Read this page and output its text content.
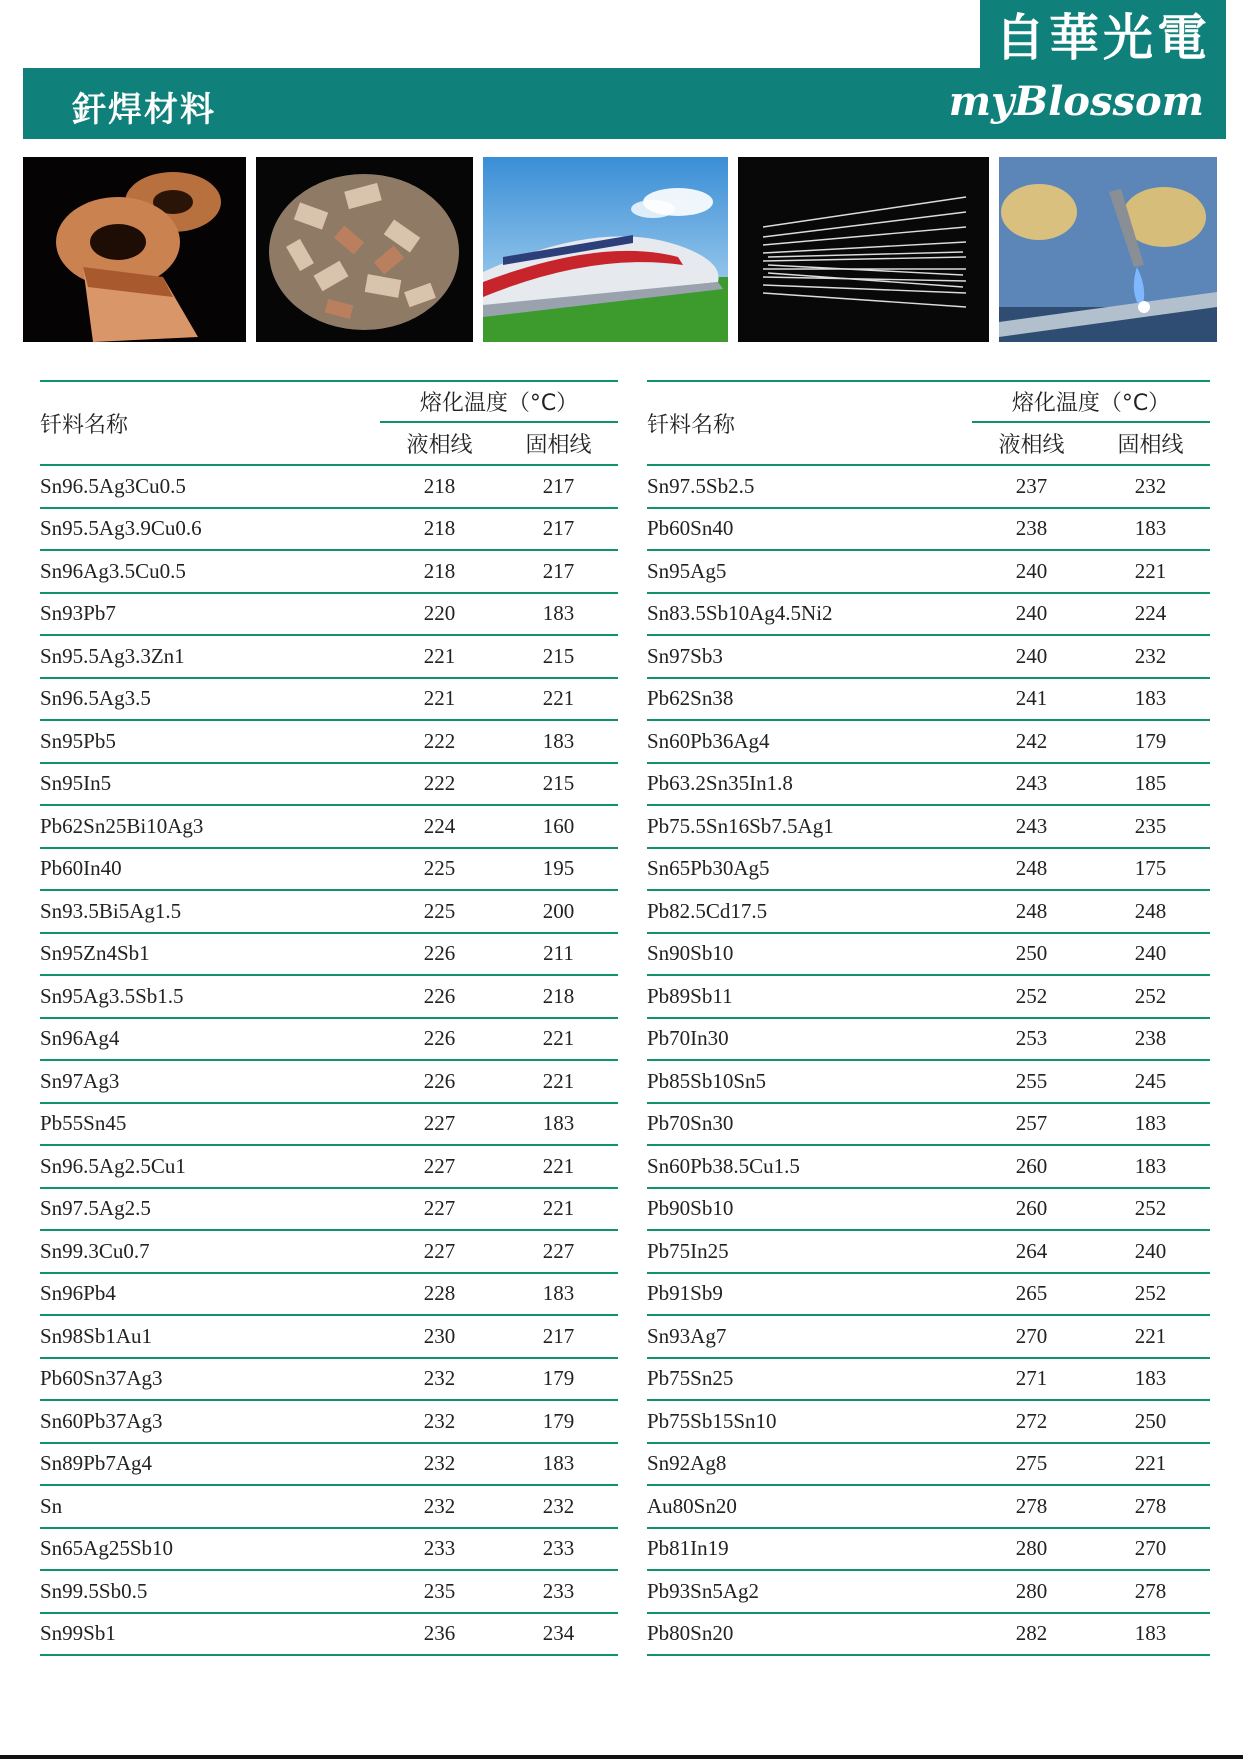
自華光電
釬焊材料	myBlossom
钎料名称	熔化温度（°C）	
	液相线	固相线
Sn96.5Ag3Cu0.5	218	217
Sn95.5Ag3.9Cu0.6	218	217
Sn96Ag3.5Cu0.5	218	217
Sn93Pb7	220	183
Sn95.5Ag3.3Zn1	221	215
Sn96.5Ag3.5	221	221
Sn95Pb5	222	183
Sn95In5	222	215
Pb62Sn25Bi10Ag3	224	160
Pb60In40	225	195
Sn93.5Bi5Ag1.5	225	200
Sn95Zn4Sb1	226	211
Sn95Ag3.5Sb1.5	226	218
Sn96Ag4	226	221
Sn97Ag3	226	221
Pb55Sn45	227	183
Sn96.5Ag2.5Cu1	227	221
Sn97.5Ag2.5	227	221
Sn99.3Cu0.7	227	227
Sn96Pb4	228	183
Sn98Sb1Au1	230	217
Pb60Sn37Ag3	232	179
Sn60Pb37Ag3	232	179
Sn89Pb7Ag4	232	183
Sn	232	232
Sn65Ag25Sb10	233	233
Sn99.5Sb0.5	235	233
Sn99Sb1	236	234
钎料名称	熔化温度（°C）	
	液相线	固相线
Sn97.5Sb2.5	237	232
Pb60Sn40	238	183
Sn95Ag5	240	221
Sn83.5Sb10Ag4.5Ni2	240	224
Sn97Sb3	240	232
Pb62Sn38	241	183
Sn60Pb36Ag4	242	179
Pb63.2Sn35In1.8	243	185
Pb75.5Sn16Sb7.5Ag1	243	235
Sn65Pb30Ag5	248	175
Pb82.5Cd17.5	248	248
Sn90Sb10	250	240
Pb89Sb11	252	252
Pb70In30	253	238
Pb85Sb10Sn5	255	245
Pb70Sn30	257	183
Sn60Pb38.5Cu1.5	260	183
Pb90Sb10	260	252
Pb75In25	264	240
Pb91Sb9	265	252
Sn93Ag7	270	221
Pb75Sn25	271	183
Pb75Sb15Sn10	272	250
Sn92Ag8	275	221
Au80Sn20	278	278
Pb81In19	280	270
Pb93Sn5Ag2	280	278
Pb80Sn20	282	183
